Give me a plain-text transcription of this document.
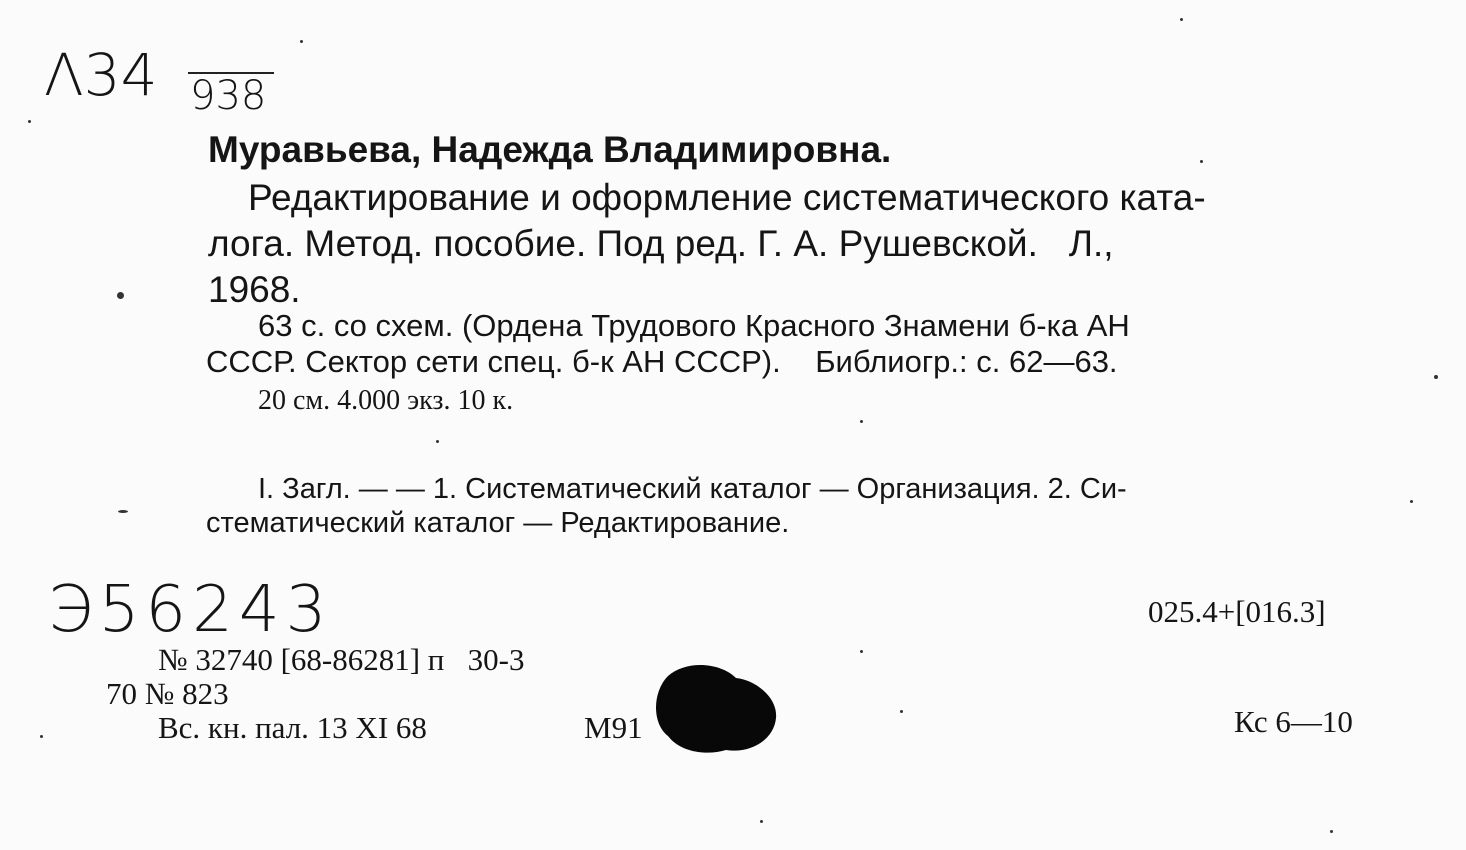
Λ34 938
Муравьева, Надежда Владимировна.
Редактирование и оформление систематического ката-
лога. Метод. пособие. Под ред. Г. А. Рушевской.   Л.,
1968.
63 с. со схем. (Ордена Трудового Красного Знамени б-ка АН
СССР. Сектор сети спец. б-к АН СССР).    Библиогр.: с. 62—63.
20 см. 4.000 экз. 10 к.
I. Загл. — — 1. Систематический каталог — Организация. 2. Си-
стематический каталог — Редактирование.
Э56243	025.4+[016.3]
№ 32740 [68-86281] п   30-3
70 № 823
Вс. кн. пал. 13 XI 68	М91	Кс 6—10
